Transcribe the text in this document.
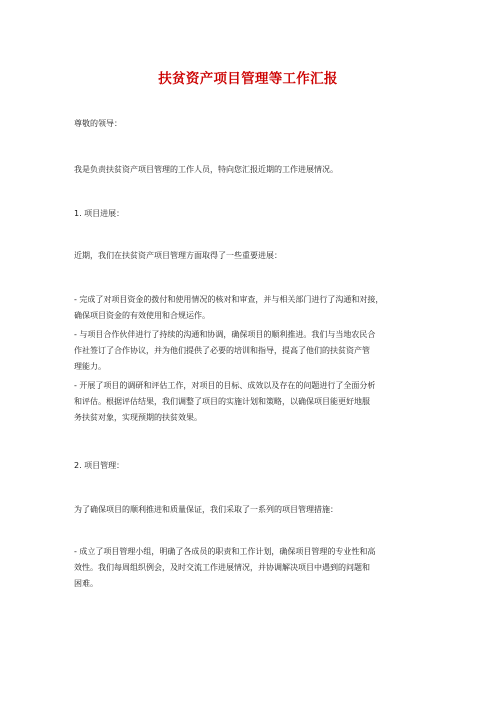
扶贫资产项目管理等工作汇报
尊敬的领导：
我是负责扶贫资产项目管理的工作人员，特向您汇报近期的工作进展情况。
1. 项目进展：
近期，我们在扶贫资产项目管理方面取得了一些重要进展：
- 完成了对项目资金的拨付和使用情况的核对和审查，并与相关部门进行了沟通和对接，
确保项目资金的有效使用和合规运作。
- 与项目合作伙伴进行了持续的沟通和协调，确保项目的顺利推进。我们与当地农民合
作社签订了合作协议，并为他们提供了必要的培训和指导，提高了他们的扶贫资产管
理能力。
- 开展了项目的调研和评估工作，对项目的目标、成效以及存在的问题进行了全面分析
和评估。根据评估结果，我们调整了项目的实施计划和策略，以确保项目能更好地服
务扶贫对象，实现预期的扶贫效果。
2. 项目管理：
为了确保项目的顺利推进和质量保证，我们采取了一系列的项目管理措施：
- 成立了项目管理小组，明确了各成员的职责和工作计划，确保项目管理的专业性和高
效性。我们每周组织例会，及时交流工作进展情况，并协调解决项目中遇到的问题和
困难。
